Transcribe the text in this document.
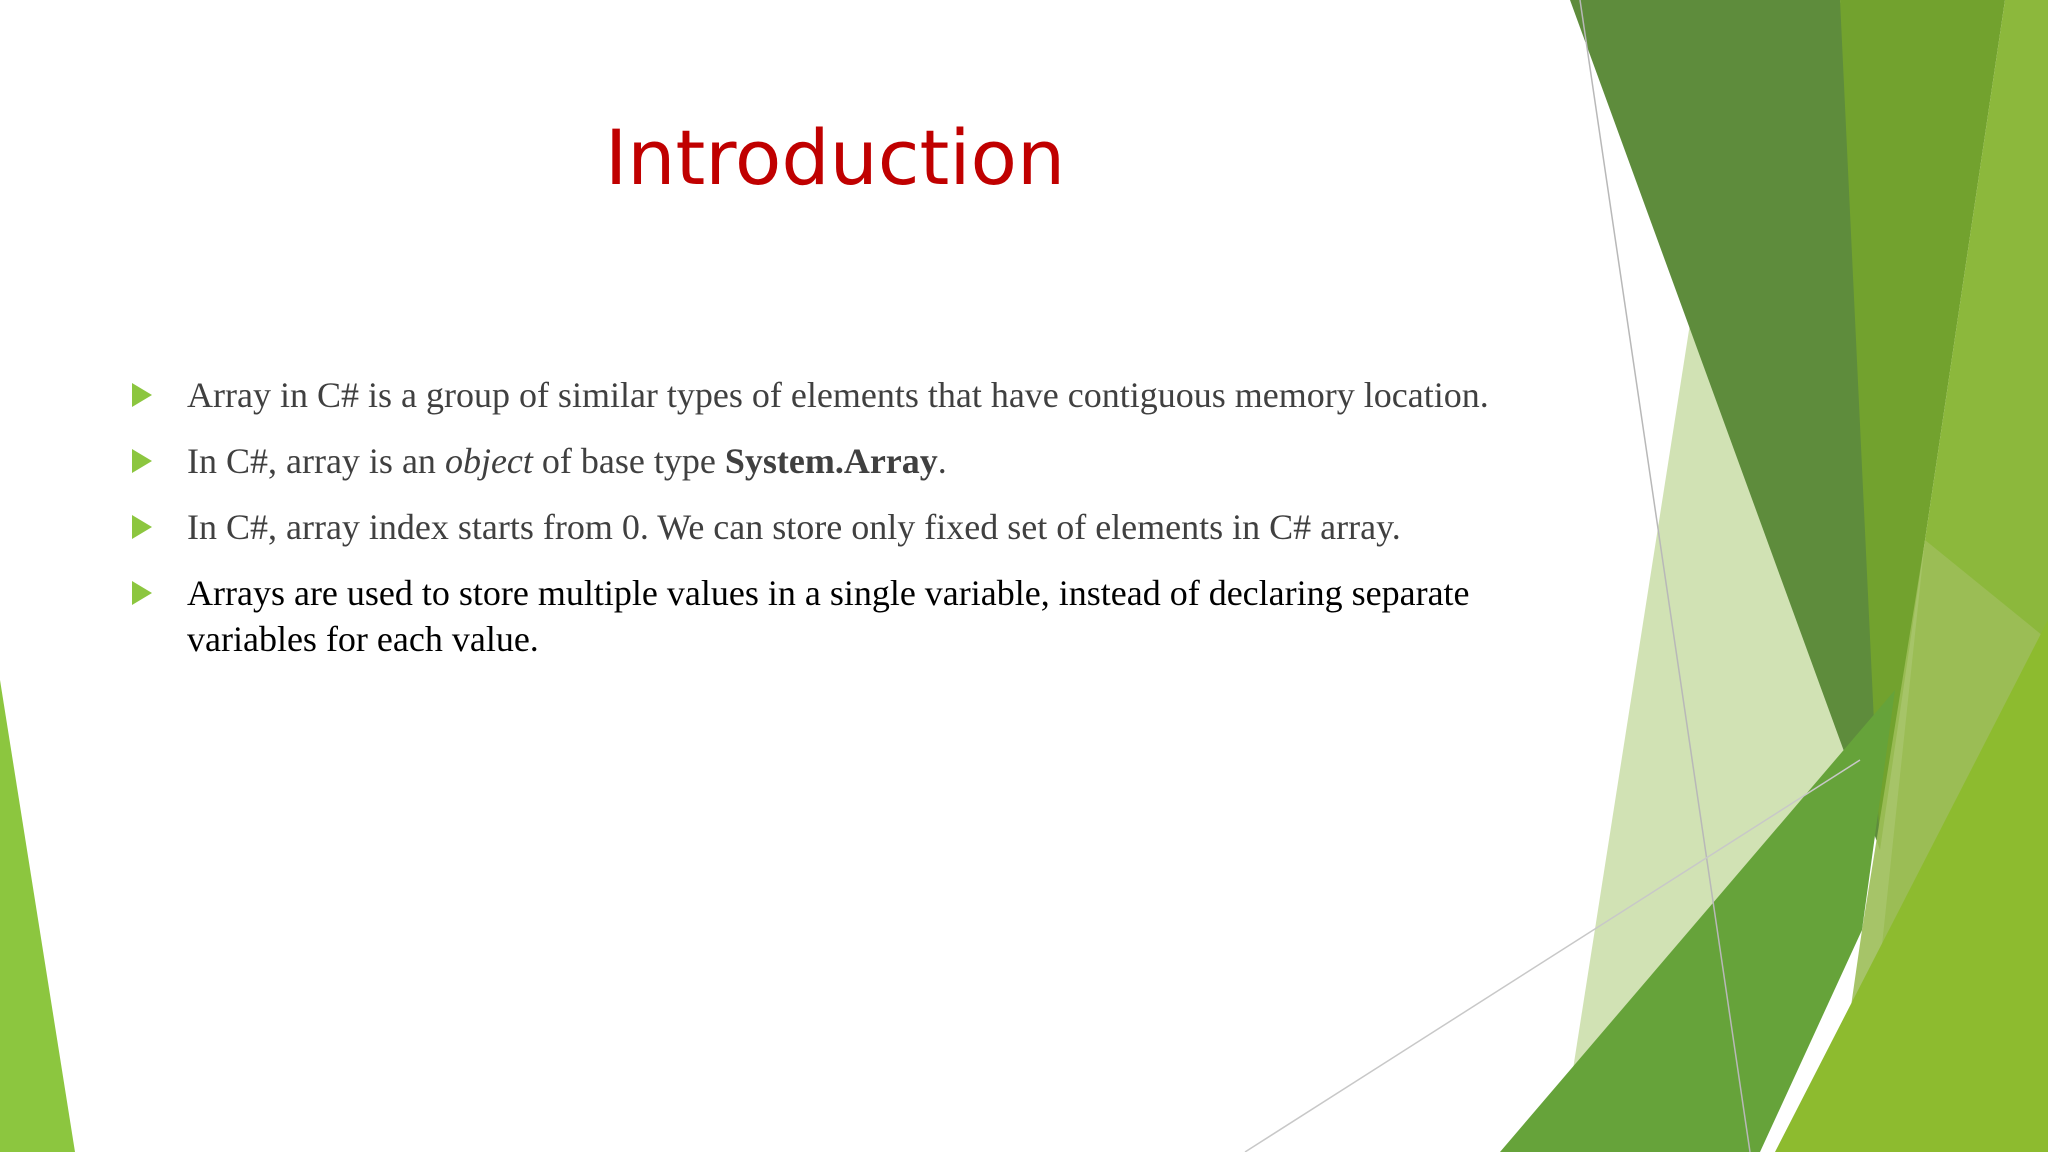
Introduction
Array in C# is a group of similar types of elements that have contiguous memory location.
In C#, array is an object of base type System.Array.
In C#, array index starts from 0. We can store only fixed set of elements in C# array.
Arrays are used to store multiple values in a single variable, instead of declaring separate variables for each value.
